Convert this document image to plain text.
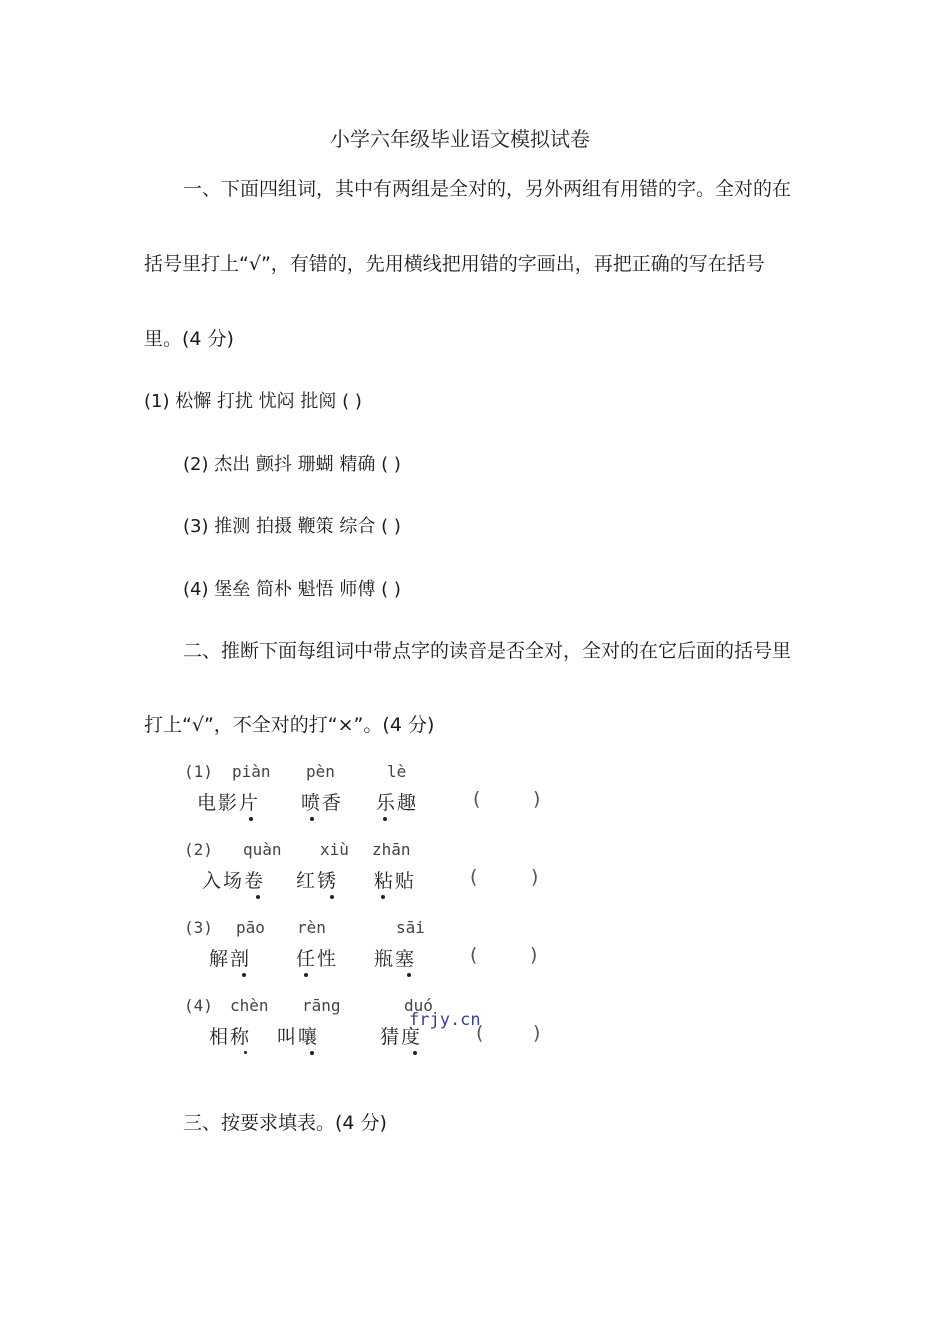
小学六年级毕业语文模拟试卷
一、下面四组词，其中有两组是全对的，另外两组有用错的字。全对的在
括号里打上“√”，有错的，先用横线把用错的字画出，再把正确的写在括号
里。(4 分)
(1) 松懈 打扰 忧闷 批阅 ( )
(2) 杰出 颤抖 珊蝴 精确 ( )
(3) 推测 拍摄 鞭策 综合 ( )
(4) 堡垒 简朴 魁悟 师傅 ( )
二、推断下面每组词中带点字的读音是否全对，全对的在它后面的括号里
打上“√”，不全对的打“×”。(4 分)
(1) piàn pèn	lè
电影片 喷香 乐趣	(	)
(2) quàn xiù zhān
入场卷 红锈 粘贴	(	)
(3) pāo rèn	sāi
解剖 任性 瓶塞	(	)
(4) chèn rāng	duó
相称 叫嚷	猜度	(	)
frjy.cn
三、按要求填表。(4 分)
